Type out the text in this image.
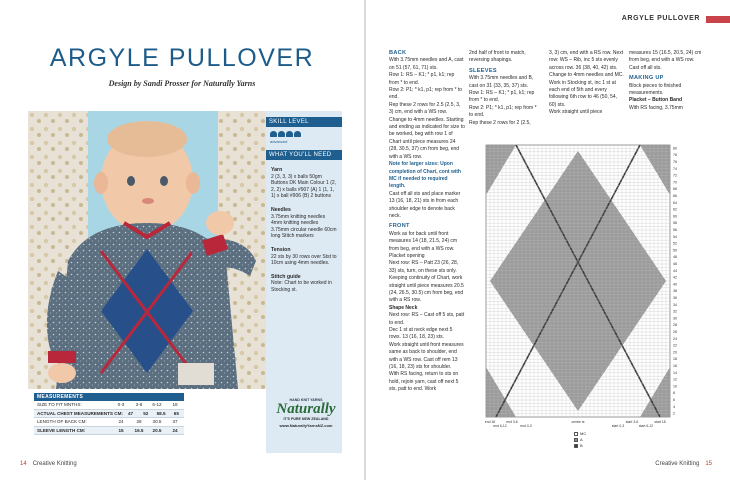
ARGYLE PULLOVER
Design by Sandi Prosser for Naturally Yarns
MEASUREMENTS
SIZE TO FIT MNTHS:	0-3	3-6	6-12	18
ACTUAL CHEST MEASUREMENTS CM:	47	52	58.5	65
LENGTH OF BACK CM:	24	28	30.5	37
SLEEVE LENGTH CM:	15	16.5	20.5	24
SKILL LEVEL
advanced
WHAT YOU'LL NEED
Yarn
2 (3, 3, 3) x balls 50gm Buttons DK Main Colour 1 (2, 2, 2) x balls #907 (A) 1 (1, 1, 1) x ball #906 (B) 2 buttons
Needles
3.75mm knitting needles 4mm knitting needles 3.75mm circular needle 60cm long Stitch markers
Tension
22 sts by 30 rows over Stst to 10cm using 4mm needles.
Stitch guide
Note: Chart to be worked in Stocking st.
HAND KNIT YARNS
Naturally
IT'S PURE NEW ZEALAND
www.NaturallyYarnsNZ.com
14 Creative Knitting
ARGYLE PULLOVER
BACK

With 3.75mm needles and A, cast on 51 (57, 61, 71) sts.

Row 1: RS – K1; * p1, k1; rep from * to end.

Row 2: P1; * k1, p1; rep from * to end.

Rep these 2 rows for 2.5 (2.5, 3, 3) cm, end with a WS row.

Change to 4mm needles. Starting and ending as indicated for size to be worked, beg with row 1 of Chart until piece measures 24 (28, 30.5, 37) cm from beg, end with a WS row.

Note for larger sizes: Upon completion of Chart, cont with MC if needed to required length.

Cast off all sts and place marker 13 (16, 18, 21) sts in from each shoulder edge to denote back neck.

FRONT

Work as for back until front measures 14 (18, 21.5, 24) cm from beg, end with a WS row.

Placket opening

Next row: RS – Patt 23 (26, 28, 33) sts, turn, on these sts only.

Keeping continuity of Chart, work straight until piece measures 20.5 (24, 26.5, 30.5) cm from beg, end with a RS row.

Shape Neck

Next row: RS – Cast off 5 sts, patt to end.

Dec 1 st at neck edge next 5 rows. 13 (16, 18, 23) sts.

Work straight until front measures same as back to shoulder, end with a WS row. Cast off rem 13 (16, 18, 23) sts for shoulder.

With RS facing, return to sts on hold, rejoin yarn, cast off next 5 sts, patt to end. Work

2nd half of front to match, reversing shapings.

SLEEVES

With 3.75mm needles and B, cast on 31 (33, 35, 37) sts.

Row 1: RS – K1; * p1, k1; rep from * to end.

Row 2: P1; * k1, p1; rep from * to end.

Rep these 2 rows for 2 (2.5,

3, 3) cm, end with a RS row. Next row: WS – Rib, inc 5 sts evenly across row. 36 (38, 40, 42) sts.

Change to 4mm needles and MC.

Work in Stocking st, inc 1 st at each end of 5th and every following 6th row to 46 (50, 54, 60) sts.

Work straight until piece

measures 15 (16.5, 20.5, 24) cm from beg, end with a WS row.

Cast off all sts.

MAKING UP

Block pieces to finished measurements.

Placket – Button Band

With RS facing, 3.75mm

80
78
76
74
72
70
68
66
64
62
60
58
56
54
52
50
48
46
44
42
40
38
36
34
32
30
28
26
24
22
20
18
16
14
12
10
8
6
4
2
end 18
end 6-12
end 3-6
end 0-3
centre st
start 0-3
start 3-6
start 6-12
start 18
MC
A
B
Creative Knitting 15
